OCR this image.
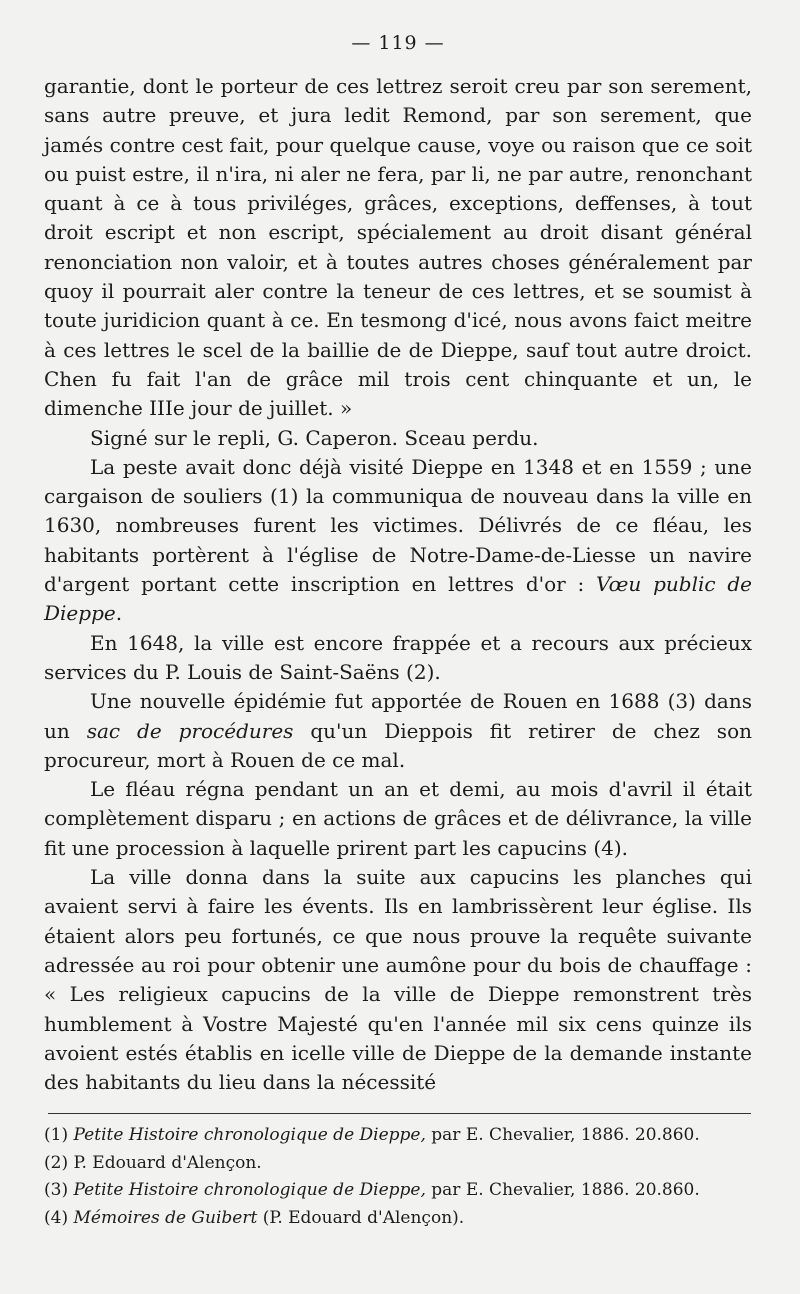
— 119 —

garantie, dont le porteur de ces lettrez seroit creu par son serement, sans autre preuve, et jura ledit Remond, par son serement, que jamés contre cest fait, pour quelque cause, voye ou raison que ce soit ou puist estre, il n'ira, ni aler ne fera, par li, ne par autre, renonchant quant à ce à tous priviléges, grâces, exceptions, deffenses, à tout droit escript et non escript, spécialement au droit disant général renonciation non valoir, et à toutes autres choses généralement par quoy il pourrait aler contre la teneur de ces lettres, et se soumist à toute juridicion quant à ce. En tesmong d'icé, nous avons faict meitre à ces lettres le scel de la baillie de de Dieppe, sauf tout autre droict. Chen fu fait l'an de grâce mil trois cent chinquante et un, le dimenche IIIe jour de juillet. »

Signé sur le repli, G. Caperon. Sceau perdu.

La peste avait donc déjà visité Dieppe en 1348 et en 1559 ; une cargaison de souliers (1) la communiqua de nouveau dans la ville en 1630, nombreuses furent les victimes. Délivrés de ce fléau, les habitants portèrent à l'église de Notre-Dame-de-Liesse un navire d'argent portant cette inscription en lettres d'or : Vœu public de Dieppe.

En 1648, la ville est encore frappée et a recours aux précieux services du P. Louis de Saint-Saëns (2).

Une nouvelle épidémie fut apportée de Rouen en 1688 (3) dans un sac de procédures qu'un Dieppois fit retirer de chez son procureur, mort à Rouen de ce mal.

Le fléau régna pendant un an et demi, au mois d'avril il était complètement disparu ; en actions de grâces et de délivrance, la ville fit une procession à laquelle prirent part les capucins (4).

La ville donna dans la suite aux capucins les planches qui avaient servi à faire les évents. Ils en lambrissèrent leur église. Ils étaient alors peu fortunés, ce que nous prouve la requête suivante adressée au roi pour obtenir une aumône pour du bois de chauffage : « Les religieux capucins de la ville de Dieppe remonstrent très humblement à Vostre Majesté qu'en l'année mil six cens quinze ils avoient estés établis en icelle ville de Dieppe de la demande instante des habitants du lieu dans la nécessité

(1) Petite Histoire chronologique de Dieppe, par E. Chevalier, 1886. 20.860.

(2) P. Edouard d'Alençon.

(3) Petite Histoire chronologique de Dieppe, par E. Chevalier, 1886. 20.860.

(4) Mémoires de Guibert (P. Edouard d'Alençon).
